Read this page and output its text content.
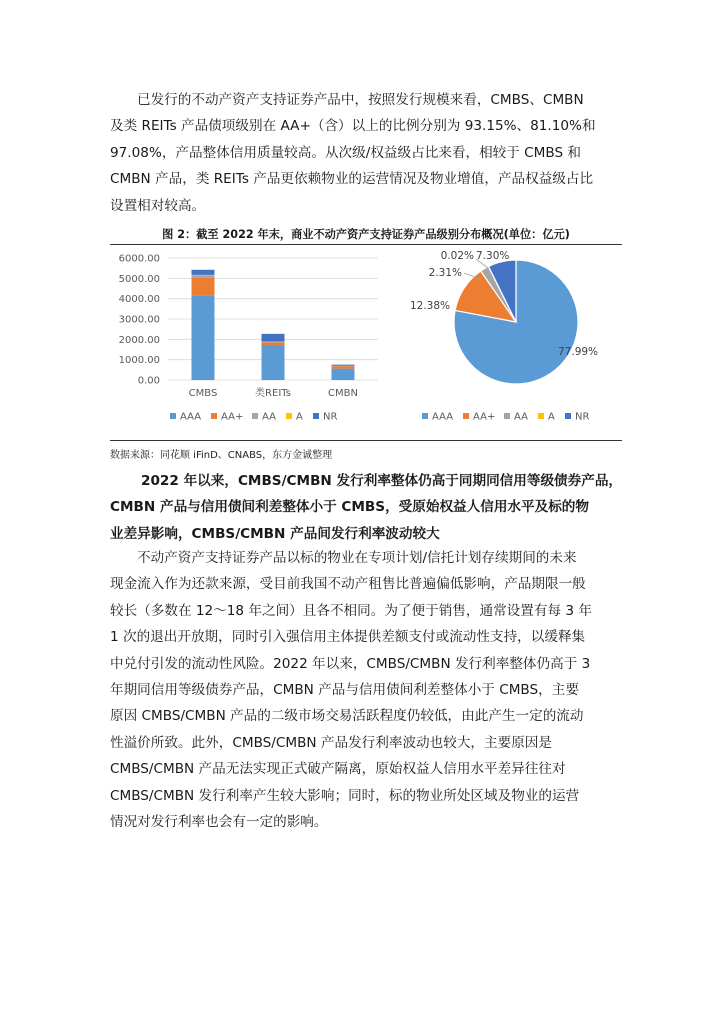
已发行的不动产资产支持证券产品中，按照发行规模来看，CMBS、CMBN
及类 REITs 产品债项级别在 AA+（含）以上的比例分别为 93.15%、81.10%和
97.08%，产品整体信用质量较高。从次级/权益级占比来看，相较于 CMBS 和
CMBN 产品，类 REITs 产品更依赖物业的运营情况及物业增值，产品权益级占比
设置相对较高。
图 2：截至 2022 年末，商业不动产资产支持证券产品级别分布概况(单位：亿元)
6000.00
5000.00
4000.00
3000.00
2000.00
1000.00
0.00
CMBS	类REITs	CMBN
AAA AA+ AA A NR
77.99%
12.38%
2.31%
0.02% 7.30%
AAA AA+ AA A NR
数据来源：同花顺 iFinD、CNABS，东方金诚整理
2022 年以来，CMBS/CMBN 发行利率整体仍高于同期同信用等级债券产品，
CMBN 产品与信用债间利差整体小于 CMBS，受原始权益人信用水平及标的物
业差异影响，CMBS/CMBN 产品间发行利率波动较大
不动产资产支持证券产品以标的物业在专项计划/信托计划存续期间的未来
现金流入作为还款来源，受目前我国不动产租售比普遍偏低影响，产品期限一般
较长（多数在 12～18 年之间）且各不相同。为了便于销售，通常设置有每 3 年
1 次的退出开放期，同时引入强信用主体提供差额支付或流动性支持，以缓释集
中兑付引发的流动性风险。2022 年以来，CMBS/CMBN 发行利率整体仍高于 3
年期同信用等级债券产品，CMBN 产品与信用债间利差整体小于 CMBS，主要
原因 CMBS/CMBN 产品的二级市场交易活跃程度仍较低，由此产生一定的流动
性溢价所致。此外，CMBS/CMBN 产品发行利率波动也较大，主要原因是
CMBS/CMBN 产品无法实现正式破产隔离，原始权益人信用水平差异往往对
CMBS/CMBN 发行利率产生较大影响；同时，标的物业所处区域及物业的运营
情况对发行利率也会有一定的影响。
